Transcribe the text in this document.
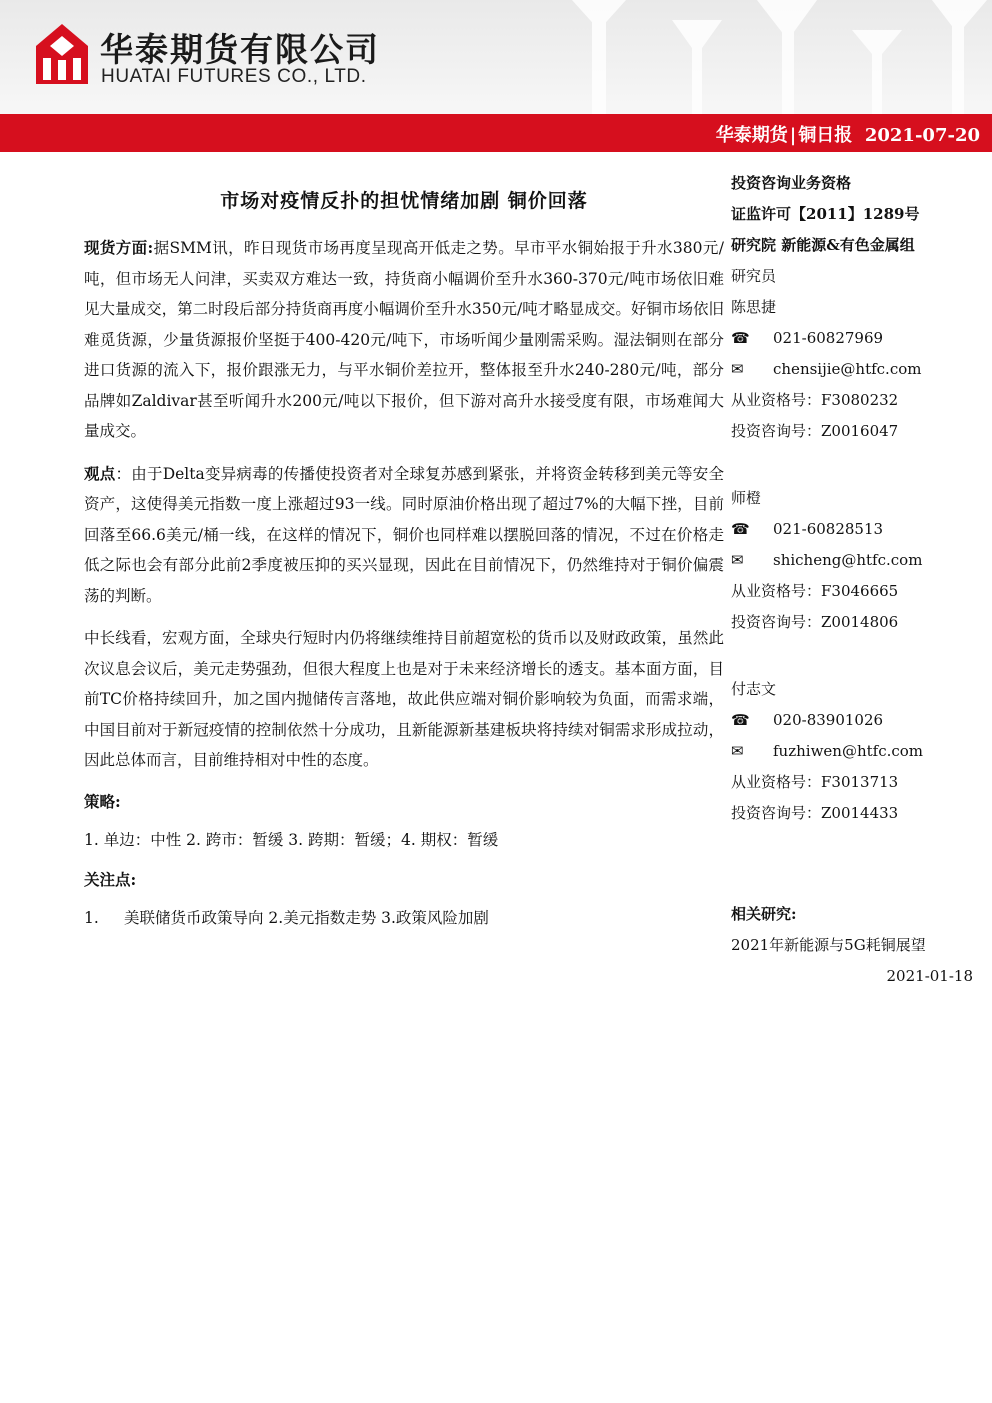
华泰期货有限公司
HUATAI FUTURES CO., LTD.
华泰期货 | 铜日报 2021-07-20
市场对疫情反扑的担忧情绪加剧 铜价回落

现货方面:据SMM讯，昨日现货市场再度呈现高开低走之势。早市平水铜始报于升水380元/吨，但市场无人问津，买卖双方难达一致，持货商小幅调价至升水360-370元/吨市场依旧难见大量成交，第二时段后部分持货商再度小幅调价至升水350元/吨才略显成交。好铜市场依旧难觅货源，少量货源报价坚挺于400-420元/吨下，市场听闻少量刚需采购。湿法铜则在部分进口货源的流入下，报价跟涨无力，与平水铜价差拉开，整体报至升水240-280元/吨，部分品牌如Zaldivar甚至听闻升水200元/吨以下报价，但下游对高升水接受度有限，市场难闻大量成交。

观点：由于Delta变异病毒的传播使投资者对全球复苏感到紧张，并将资金转移到美元等安全资产，这使得美元指数一度上涨超过93一线。同时原油价格出现了超过7%的大幅下挫，目前回落至66.6美元/桶一线，在这样的情况下，铜价也同样难以摆脱回落的情况，不过在价格走低之际也会有部分此前2季度被压抑的买兴显现，因此在目前情况下，仍然维持对于铜价偏震荡的判断。

中长线看，宏观方面，全球央行短时内仍将继续维持目前超宽松的货币以及财政政策，虽然此次议息会议后，美元走势强劲，但很大程度上也是对于未来经济增长的透支。基本面方面，目前TC价格持续回升，加之国内抛储传言落地，故此供应端对铜价影响较为负面，而需求端，中国目前对于新冠疫情的控制依然十分成功，且新能源新基建板块将持续对铜需求形成拉动，因此总体而言，目前维持相对中性的态度。

策略:
1. 单边：中性 2. 跨市：暂缓 3. 跨期：暂缓；4. 期权：暂缓
关注点:
1. 美联储货币政策导向 2.美元指数走势 3.政策风险加剧
投资咨询业务资格
证监许可【2011】1289号
研究院 新能源&有色金属组
研究员
陈思捷
☎ 021-60827969
✉ chensijie@htfc.com
从业资格号：F3080232
投资咨询号：Z0016047
师橙
☎ 021-60828513
✉ shicheng@htfc.com
从业资格号：F3046665
投资咨询号：Z0014806
付志文
☎ 020-83901026
✉ fuzhiwen@htfc.com
从业资格号：F3013713
投资咨询号：Z0014433
相关研究:
2021年新能源与5G耗铜展望
2021-01-18
